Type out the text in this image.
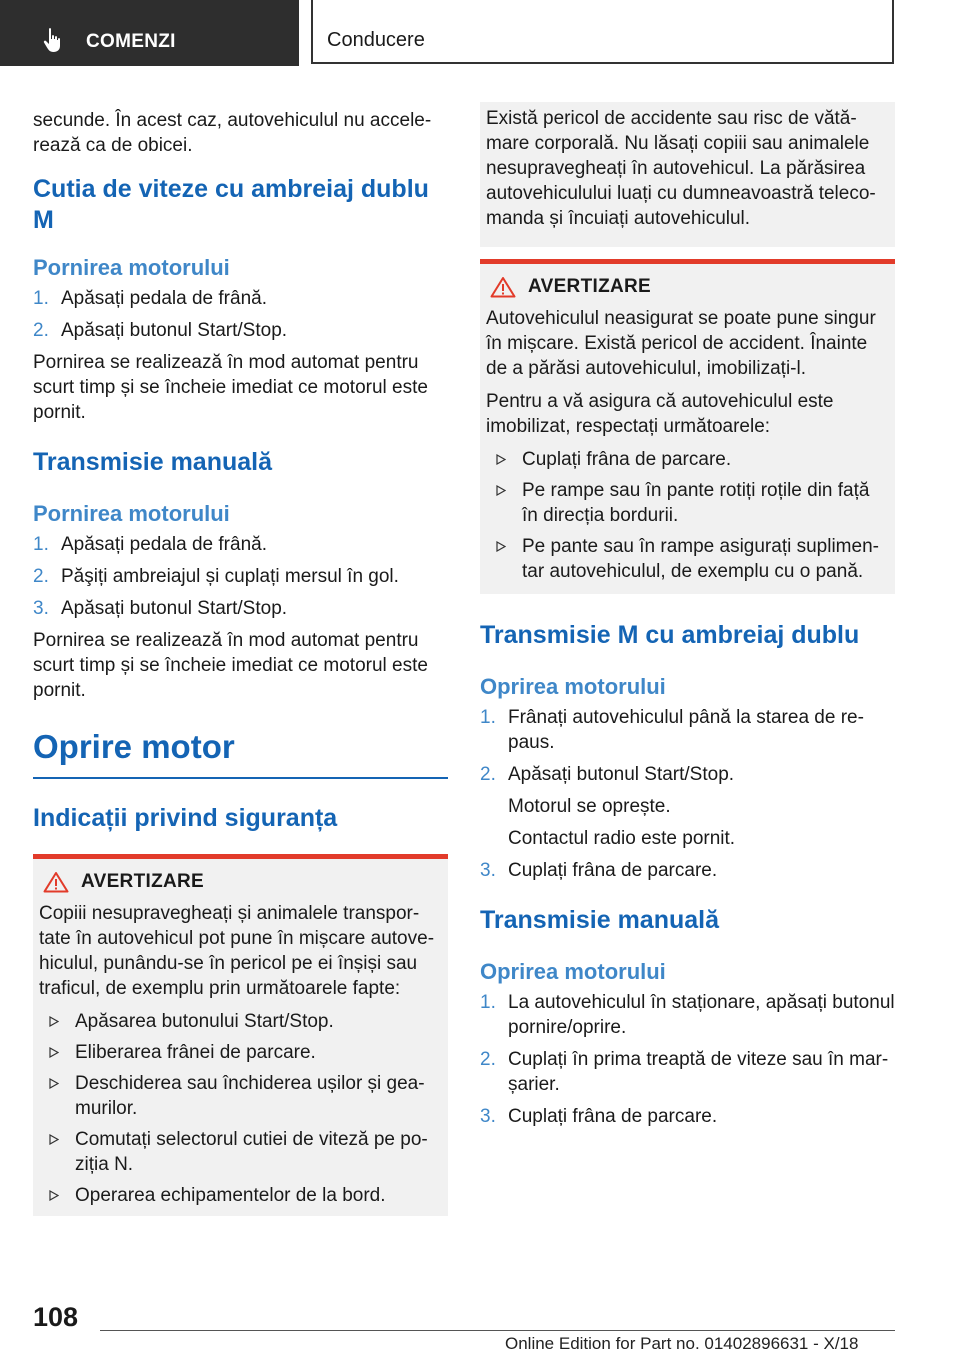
COMENZI	Conducere

secunde. În acest caz, autovehiculul nu accelerează ca de obicei.

Cutia de viteze cu ambreiaj dublu M
Pornirea motorului
1. Apăsați pedala de frână.
2. Apăsați butonul Start/Stop.

Pornirea se realizează în mod automat pentru scurt timp și se încheie imediat ce motorul este pornit.

Transmisie manuală
Pornirea motorului
1. Apăsați pedala de frână.
2. Păşiți ambreiajul și cuplați mersul în gol.
3. Apăsați butonul Start/Stop.

Pornirea se realizează în mod automat pentru scurt timp și se încheie imediat ce motorul este pornit.

Oprire motor
Indicații privind siguranța
AVERTIZARE

Copiii nesupravegheați și animalele transportate în autovehicul pot pune în mișcare autovehiculul, punându-se în pericol pe ei înșiși sau traficul, de exemplu prin următoarele fapte:

Apăsarea butonului Start/Stop.
Eliberarea frânei de parcare.
Deschiderea sau închiderea ușilor și geamurilor.
Comutați selectorul cutiei de viteză pe poziția N.
Operarea echipamentelor de la bord.

Există pericol de accidente sau risc de vătămare corporală. Nu lăsați copiii sau animalele nesupravegheați în autovehicul. La părăsirea autovehiculului luați cu dumneavoastră telecomanda și încuiați autovehiculul.

AVERTIZARE

Autovehiculul neasigurat se poate pune singur în mișcare. Există pericol de accident. Înainte de a părăsi autovehiculul, imobilizați-l.

Pentru a vă asigura că autovehiculul este imobilizat, respectați următoarele:

Cuplați frâna de parcare.
Pe rampe sau în pante rotiți roțile din față în direcția bordurii.
Pe pante sau în rampe asigurați suplimentar autovehiculul, de exemplu cu o pană.
Transmisie M cu ambreiaj dublu
Oprirea motorului
1. Frânați autovehiculul până la starea de repaus.
2. Apăsați butonul Start/Stop.
Motorul se oprește.
Contactul radio este pornit.
3. Cuplați frâna de parcare.
Transmisie manuală
Oprirea motorului
1. La autovehiculul în staționare, apăsați butonul pornire/oprire.
2. Cuplați în prima treaptă de viteze sau în marșarier.
3. Cuplați frâna de parcare.
108
Online Edition for Part no. 01402896631 - X/18
